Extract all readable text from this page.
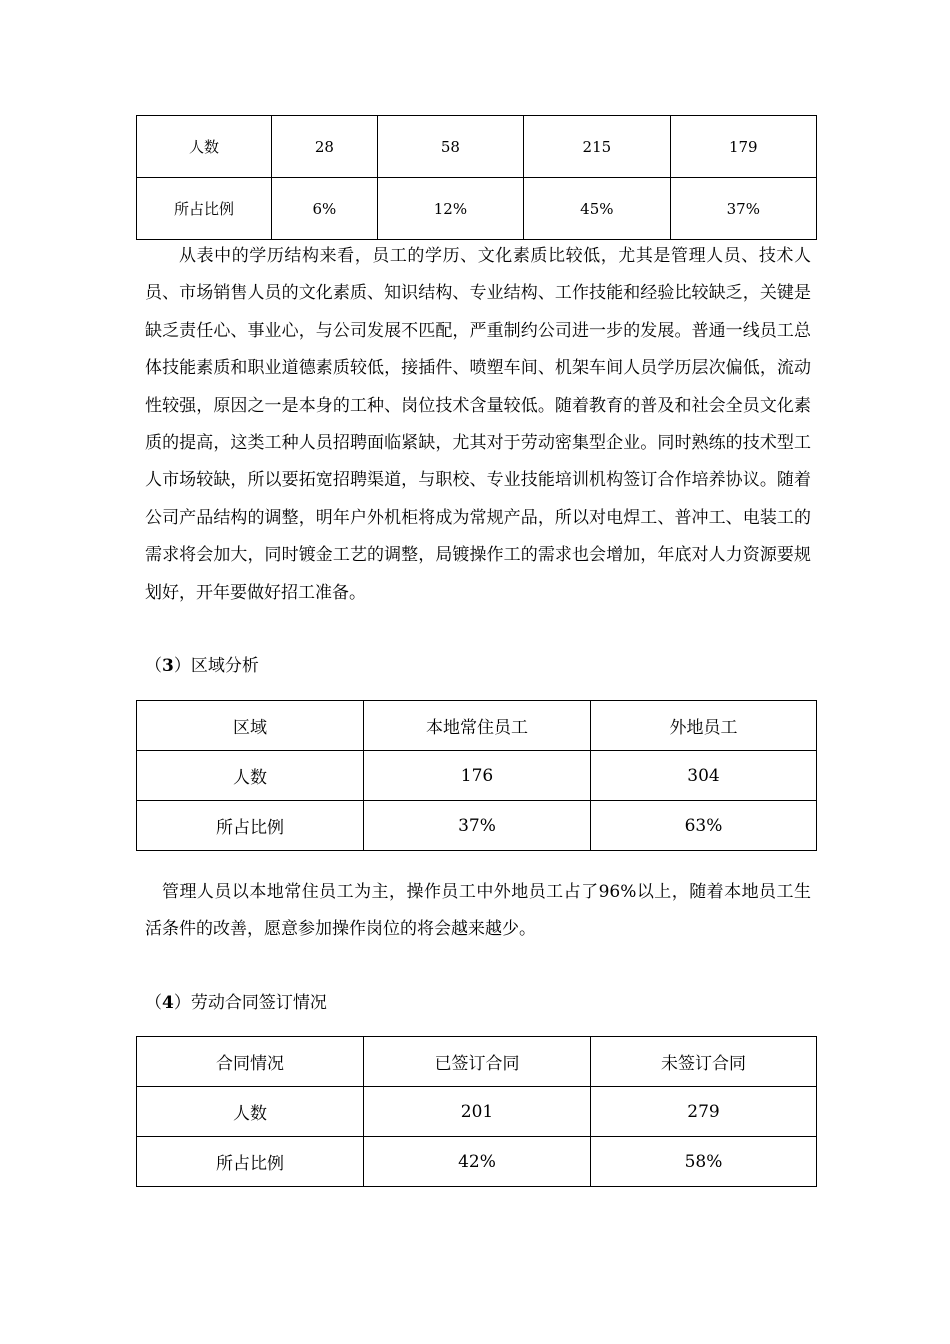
人数	28	58	215	179
所占比例	6%	12%	45%	37%

从表中的学历结构来看，员工的学历、文化素质比较低，尤其是管理人员、技术人员、市场销售人员的文化素质、知识结构、专业结构、工作技能和经验比较缺乏，关键是缺乏责任心、事业心，与公司发展不匹配，严重制约公司进一步的发展。普通一线员工总体技能素质和职业道德素质较低，接插件、喷塑车间、机架车间人员学历层次偏低，流动性较强，原因之一是本身的工种、岗位技术含量较低。随着教育的普及和社会全员文化素质的提高，这类工种人员招聘面临紧缺，尤其对于劳动密集型企业。同时熟练的技术型工人市场较缺，所以要拓宽招聘渠道，与职校、专业技能培训机构签订合作培养协议。随着公司产品结构的调整，明年户外机柜将成为常规产品，所以对电焊工、普冲工、电装工的需求将会加大，同时镀金工艺的调整，局镀操作工的需求也会增加，年底对人力资源要规划好，开年要做好招工准备。

（3）区域分析

区域	本地常住员工	外地员工
人数	176	304
所占比例	37%	63%

管理人员以本地常住员工为主，操作员工中外地员工占了96%以上，随着本地员工生活条件的改善，愿意参加操作岗位的将会越来越少。

（4）劳动合同签订情况

合同情况	已签订合同	未签订合同
人数	201	279
所占比例	42%	58%
